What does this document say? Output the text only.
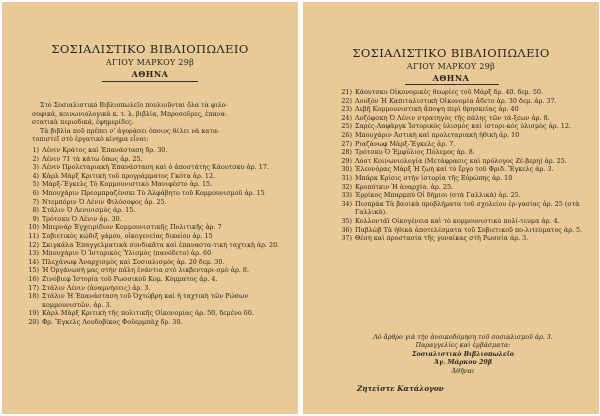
ΣΟΣΙΑΛΙΣΤΙΚΟ ΒΙΒΛΙΟΠΩΛΕΙΟ
ΑΓΙΟΥ ΜΑΡΚΟΥ 29β
ΑΘΗΝΑ
Στὸ Σοσιαλιστικὸ Βιβλιοπωλεῖο πουλιοῦνται ὅλα τὰ φιλο-
σοφικά, κοινωνιολογικὰ κ. τ. λ. βιβλία, Μπροσοῦρες, ἐπανα-
στατικὰ περιοδικά, ἐφημερίδες.
Τὰ βιβλία ποῦ πρέπει ν' ἀγοράσει ὁποιος θέλει νὰ κατα-
τοπιστεῖ στὸ ἐργατικὸ κίνημα εἶναι:
1) Λένιν Κράτος καὶ Ἐπανάσταση δρ. 30.
2) Λένιν 71 τὰ κάτω ὄπως ἀρ. 25.
3) Λένιν Προλεταριακὴ Ἐπανάσταση καὶ ὁ ἀποστάτης Κάουτσκυ ἀρ. 17.
4) Κὰρλ Μὰρξ Κριτικὴ τοῦ προγράμματος Γκότα ἀρ. 12.
5) Μὰρξ-Ἔγκελς Τὸ Κομμουνιστικὸ Μανιφέστο ἀρ. 15.
6) Μπουχάριν Πρεομπραζένσκι Τὸ Ἀλφάβητο τοῦ Κομμουνισμοῦ ἀρ. 15
7) Ντεμπόριν Ὁ Λένιν Φιλόσοφος ἀρ. 25.
8) Στάλιν Ὁ Λενινισμὸς ἀρ. 15.
9) Τρότσκυ Ὁ Λένιν ἀρ. 30.
10) Μπερνάρ Ἐγχειρίδιον Κομμουνιστικῆς Πολιτικῆς ἀρ. 7
11) Σοβιετικὸς κώδιξ γάμου, οἰκογενείας δικαίου ἀρ. 15
12) Σκιγκάλα Ἐπαγγελματικὰ συνδικᾶτα καὶ ἐπαναστα-τικὴ ταχτικὴ ἀρ. 20.
13) Μπουχάριν Ὁ Ἱστορικὸς Ὑλισμὸς (πανόδετο) ἀρ. 60
14) Πλεχάνωφ Ἀναρχισμὸς καὶ Σοσιαλισμὸς ἀρ. 20 δεμ. 30.
15) Ἡ Ὀργάνωσή μας στὴν πάλη ἐνάντια στὸ λικβενταρι-σμὸ ἀρ. 8.
16) Ζινόβιεφ Ἱστορία τοῦ Ρωσσικοῦ Κομ. Κόμματος ἀρ. 4.
17) Στάλιν Λένιν (ἀναμνήσεις) ἀρ. 3.
18) Στάλιν Ἡ Ἐπανάσταση τοῦ Ὀχτώβρη καὶ ἡ ταχτικὴ τῶν Ρώσων κομμουνιστῶν. ἀρ. 3.
19) Κὰρλ Μὰρξ Κριτικὴ τῆς πολιτικῆς Οἰκονομίας ἀρ. 50, δεμένο 60.
20) Φρ. Ἔγκελς Λουδοβίκος Φοϋερμπὰχ δρ. 30.
ΣΟΣΙΑΛΙΣΤΙΚΟ ΒΙΒΛΙΟΠΩΛΕΙΟ
ΑΓΙΟΥ ΜΑΡΚΟΥ 29β
ΑΘΗΝΑ
21) Κάουτσκυ Οἰκονομικὲς θεωρίες τοῦ Μὰρξ δρ. 40. δεμ. 50.
22) Λουξὸν Ἡ Καπιταλιστικὴ Οἰκονομία ἄδετο ἀρ. 30 δεμ. ἀρ. 37.
23) Λεβῆ Κομμουνιστικὴ ἄποψη περὶ θρησκείας ἀρ. 40
24) Λοζόφσκη Ὁ Λένιν στρατηγὸς τῆς πάλης τῶν τά-ξεων ἀρ. 8.
25) Σαρὲς-Λαφὰργκ Ἱστορικὸς ὑλισμὸς καὶ ἱστορι-κὸς ὑλισμὸς ἀρ. 12.
26) Μπουχάριν Ἀστικὴ καὶ προλεταριακὴ ἠθικὴ ἀρ. 10
27) Ριαζάνωφ Μὰρξ-Ἔγκελς ἀρ. 7.
28) Τρότσκυ Ὁ Ἐμφύλιος Πόλεμος ἀρ. 8.
29) Λόστ Κοινωνιολογία (Μετάφρασις καὶ πρόλογος Ζέ-βερη) ἀρ. 25.
30) Ἐλεονόρας Μὰρξ Ἡ ζωὴ καὶ τὸ ἔργο τοῦ Φριδ. Ἔγκελς ἀρ. 3.
31) Μπάρκ Κρίσις στὴν ἱστορία τῆς Εὐρώπης ἀρ. 10
32) Κροπότκιν Ἡ ἀναρχία. ἀρ. 25.
33) Ἐρρίκος Μπαρμπύ Οἱ δήμιοι (στὰ Γαλλικὰ) ἀρ. 25.
34) Πισπράκ Τὰ βασικὰ προβλήματα τοῦ σχολείου ἐρ-γασίας ἀρ. 25 (στὰ Γαλλικὰ).
35) Κολλοντάϊ Οἰκογένεια καὶ τὸ κομμουνιστικὸ πολί-τευμα ἀρ. 4.
36) Παβλὼβ Τὰ ἠθικὰ ἀποτελέσματα τοῦ Σοβιετικοῦ πο-λιτεύματος ἀρ. 5.
37) Θέση καὶ προστασία τῆς γυναίκας στὴ Ρωσσία ἀρ. 3.
Λὸ ἄρθρο γιὰ τὴν ἀνοικοδόμηση τοῦ σοσιαλισμοῦ ἀρ. 3.
Παραγγελίες καὶ ἐμβάσματα:
Σοσιαλιστικὸ Βιβλιοπωλεῖο
Ἁγ. Μάρκου 29β
Ἀθῆναι
Ζητεῖστε Κατάλογον
